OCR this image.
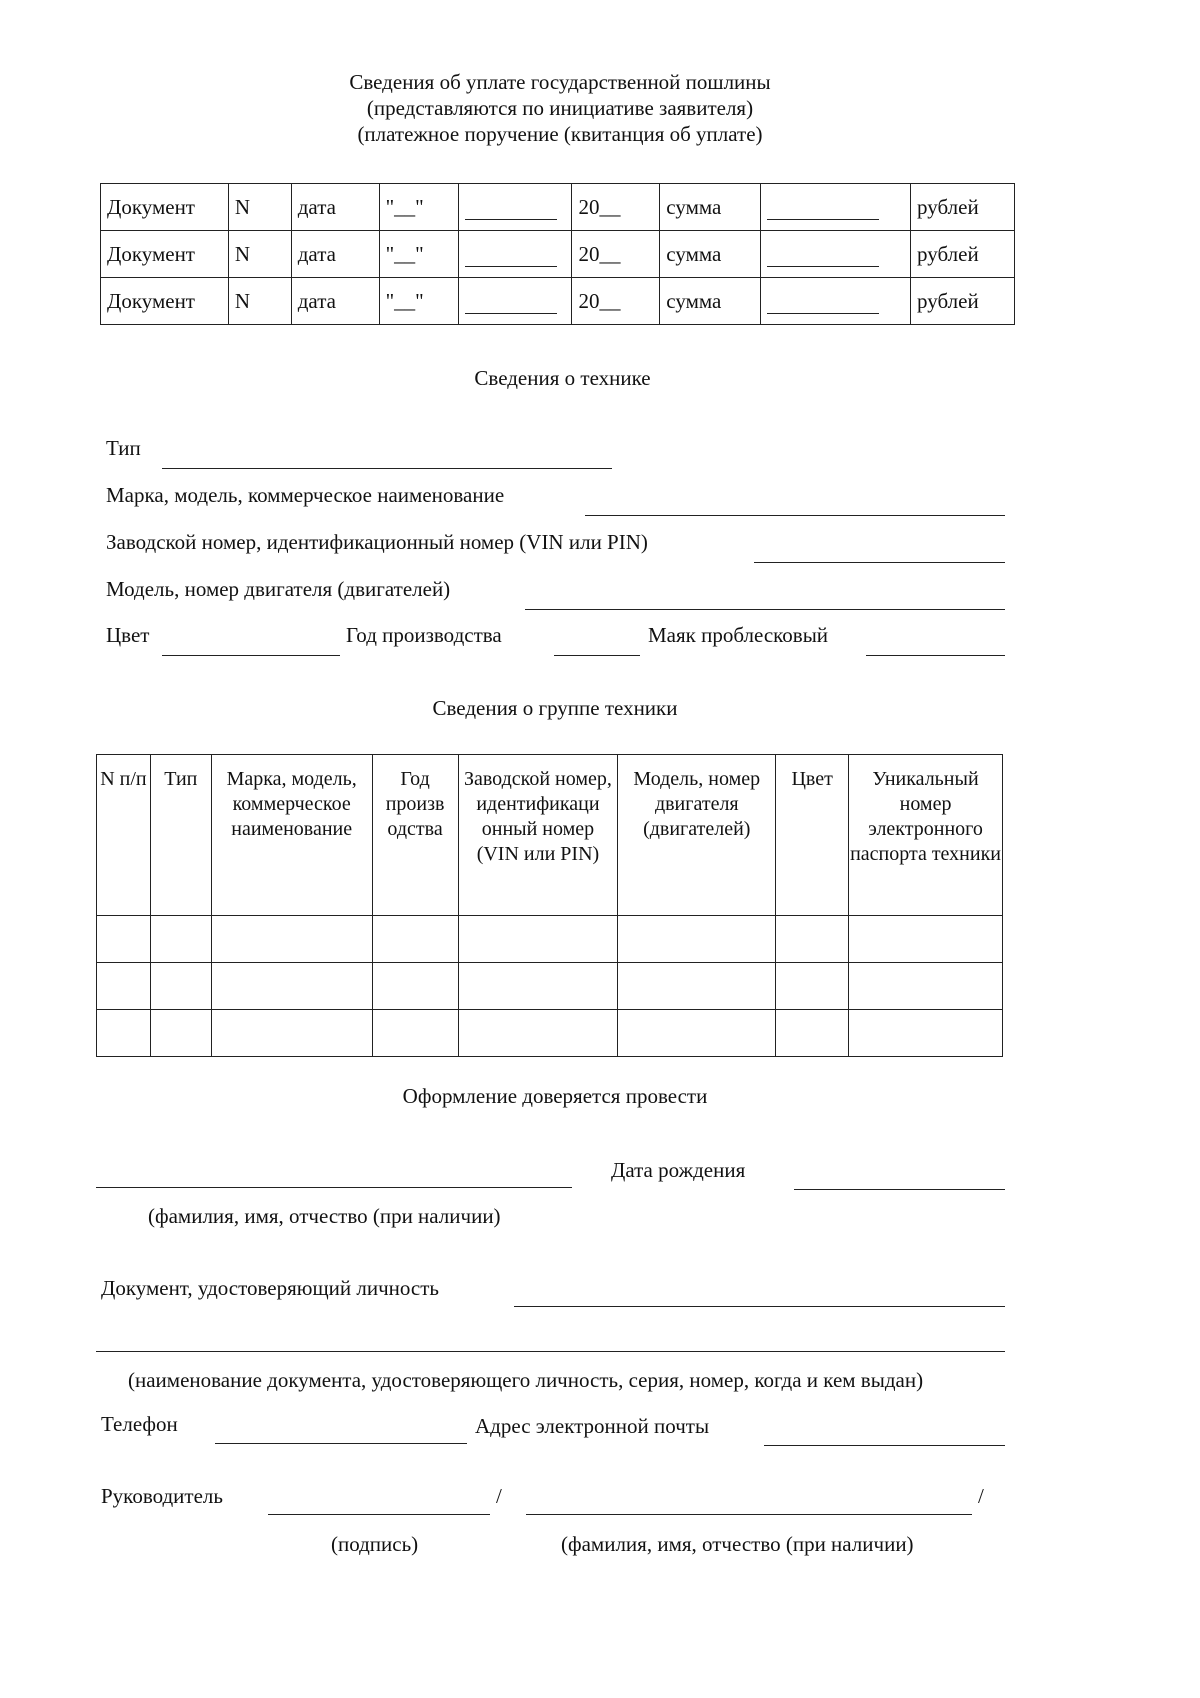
Сведения об уплате государственной пошлины
(представляются по инициативе заявителя)
(платежное поручение (квитанция об уплате)
Документ	N	дата	"__"		20__	сумма		рублей
Документ	N	дата	"__"		20__	сумма		рублей
Документ	N	дата	"__"		20__	сумма		рублей
Сведения о технике
Тип
Марка, модель, коммерческое наименование
Заводской номер, идентификационный номер (VIN или PIN)
Модель, номер двигателя (двигателей)
Цвет	Год производства	Маяк проблесковый
Сведения о группе техники
N п/п	Тип	Марка, модель, коммерческое наименование	Год произв одства	Заводской номер, идентификаци онный номер (VIN или PIN)	Модель, номер двигателя (двигателей)	Цвет	Уникальный номер электронного паспорта техники

Оформление доверяется провести
Дата рождения
(фамилия, имя, отчество (при наличии)
Документ, удостоверяющий личность
(наименование документа, удостоверяющего личность, серия, номер, когда и кем выдан)
Телефон	Адрес электронной почты
Руководитель	/	/
(подпись)	(фамилия, имя, отчество (при наличии)
